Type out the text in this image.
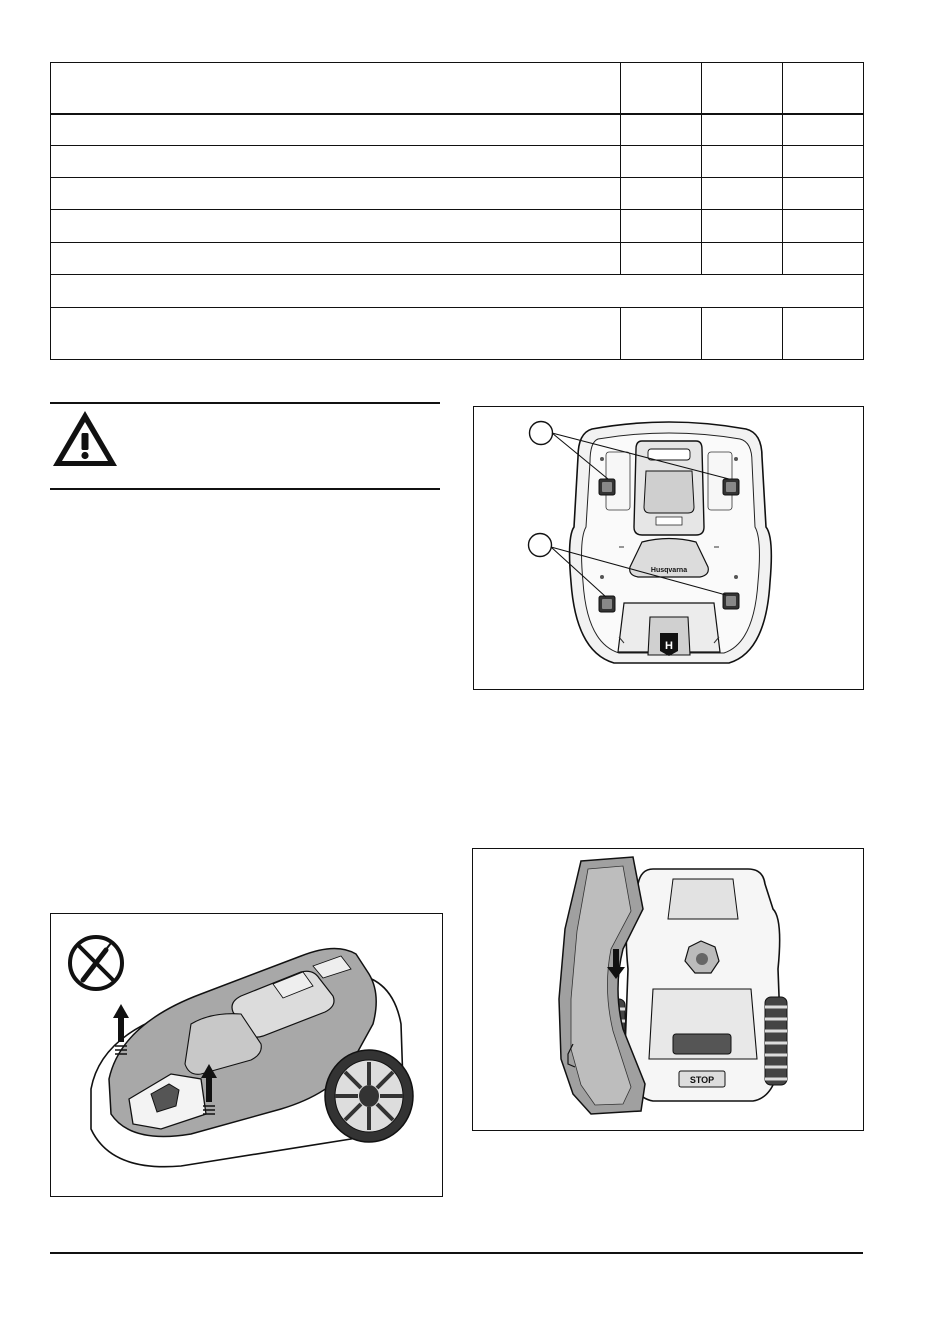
Husqvarna
H
STOP
